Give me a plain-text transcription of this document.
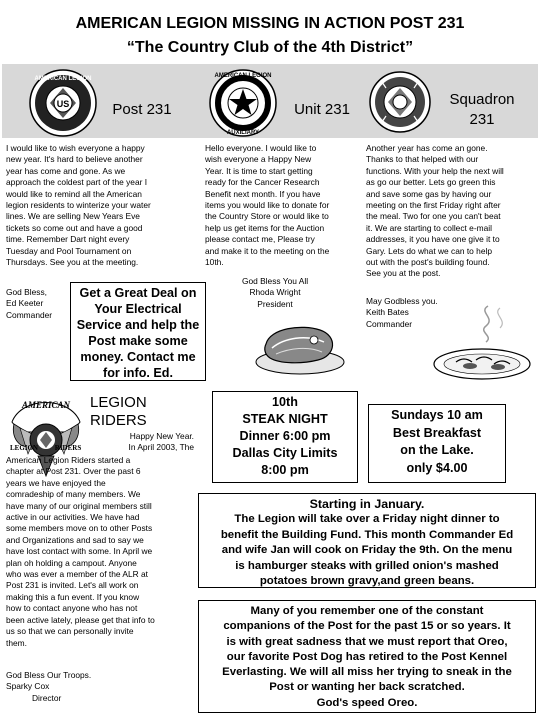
AMERICAN LEGION MISSING IN ACTION POST 231
“The Country Club of the 4th District”
US
AMERICAN LEGION
Post 231
AMERICAN LEGION
AUXILIARY
Unit 231
Squadron
231
I would like to wish everyone a happy
new year. It's hard to believe another
year has come and gone. As we
approach the coldest part of the year I
would like to remind all the American
legion residents to winterize your water
lines. We are selling New Years Eve
tickets so come out and have a good
time. Remember Dart night every
Tuesday and Pool Tournament on
Thursdays. See you at the meeting.
God Bless,
Ed Keeter
Commander
Get a Great Deal on
Your Electrical
Service and help the
Post make some
money. Contact me
for info. Ed.
Hello everyone. I would like to
wish everyone a Happy New
Year. It is time to start getting
ready for the Cancer Research
Benefit next month. If you have
items you would like to donate for
the Country Store or would like to
help us get items for the Auction
please contact me, Please try
and make it to the meeting on the
10th.
God Bless You All
Rhoda Wright
President
Another year has come an gone.
Thanks to that helped with our
functions. With your help the next will
as go our better. Lets go green this
and save some gas by having our
meeting on the first Friday right after
the meal. Two for one you can't beat
it. We are starting to collect e-mail
addresses, it you have one give it to
Gary. Lets do what we can to help
out with the post's building found.
See you at the post.
May Godbless you.
Keith Bates
Commander
AMERICAN
LEGION RIDERS
LEGION
RIDERS
Happy New Year.
In April 2003, The
American Legion Riders started a
chapter at Post 231. Over the past 6
years we have enjoyed the
comradeship of many members. We
have many of our original members still
active in our activities. We have had
some members move on to other Posts
and Organizations and sad to say we
have lost contact with some. In April we
plan oh holding a campout. Anyone
who was ever a member of the ALR at
Post 231 is invited. Let's all work on
making this a fun event. If you know
how to contact anyone who has not
been active lately, please get that info to
us so that we can personally invite
them.
God Bless Our Troops.
Sparky Cox
Director
10th
STEAK NIGHT
Dinner 6:00 pm
Dallas City Limits
8:00 pm
Sundays 10 am
Best Breakfast
on the Lake.
only $4.00
Starting in January.
The Legion will take over a Friday night dinner to
benefit the Building Fund. This month Commander Ed
and wife Jan will cook on Friday the 9th. On the menu
is hamburger steaks with grilled onion's mashed
potatoes brown gravy,and green beans.
Many of you remember one of the constant
companions of the Post for the past 15 or so years. It
is with great sadness that we must report that Oreo,
our favorite Post Dog has retired to the Post Kennel
Everlasting. We will all miss her trying to sneak in the
Post or wanting her back scratched.
God's speed Oreo.
